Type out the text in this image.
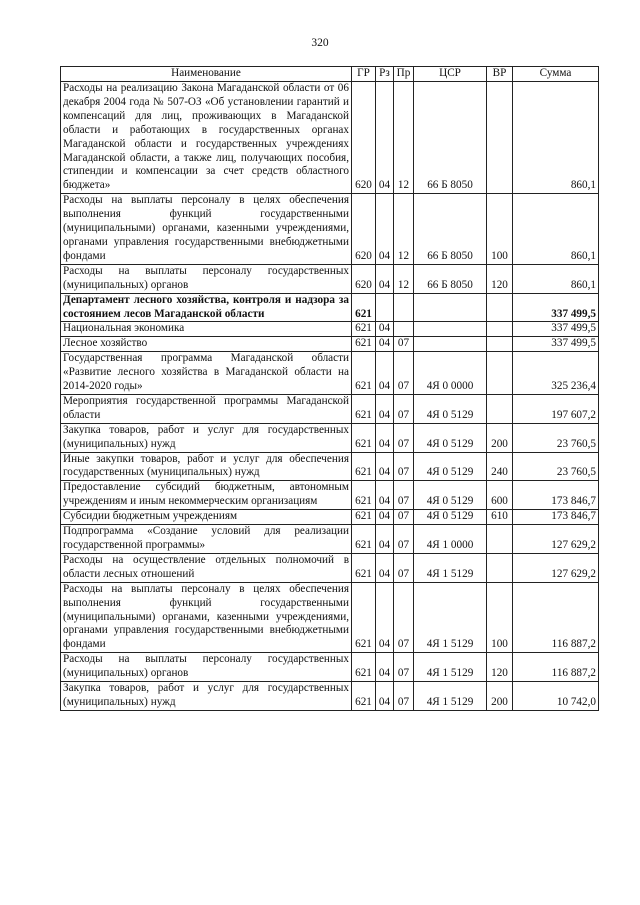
320
Наименование	ГР	Рз	Пр	ЦСР	ВР	Сумма
Расходы на реализацию Закона Магаданской области от 06 декабря 2004 года № 507-ОЗ «Об установлении гарантий и компенсаций для лиц, проживающих в Магаданской области и работающих в государственных органах Магаданской области и государственных учреждениях Магаданской области, а также лиц, получающих пособия, стипендии и компенсации за счет средств областного бюджета»	620	04	12	66 Б 8050		860,1
Расходы на выплаты персоналу в целях обеспечения выполнения функций государственными (муниципальными) органами, казенными учреждениями, органами управления государственными внебюджетными фондами	620	04	12	66 Б 8050	100	860,1
Расходы на выплаты персоналу государственных (муниципальных) органов	620	04	12	66 Б 8050	120	860,1
Департамент лесного хозяйства, контроля и надзора за состоянием лесов Магаданской области	621					337 499,5
Национальная экономика	621	04				337 499,5
Лесное хозяйство	621	04	07			337 499,5
Государственная программа Магаданской области «Развитие лесного хозяйства в Магаданской области на 2014-2020 годы»	621	04	07	4Я 0 0000		325 236,4
Мероприятия государственной программы Магаданской области	621	04	07	4Я 0 5129		197 607,2
Закупка товаров, работ и услуг для государственных (муниципальных) нужд	621	04	07	4Я 0 5129	200	23 760,5
Иные закупки товаров, работ и услуг для обеспечения государственных (муниципальных) нужд	621	04	07	4Я 0 5129	240	23 760,5
Предоставление субсидий бюджетным, автономным учреждениям и иным некоммерческим организациям	621	04	07	4Я 0 5129	600	173 846,7
Субсидии бюджетным учреждениям	621	04	07	4Я 0 5129	610	173 846,7
Подпрограмма «Создание условий для реализации государственной программы»	621	04	07	4Я 1 0000		127 629,2
Расходы на осуществление отдельных полномочий в области лесных отношений	621	04	07	4Я 1 5129		127 629,2
Расходы на выплаты персоналу в целях обеспечения выполнения функций государственными (муниципальными) органами, казенными учреждениями, органами управления государственными внебюджетными фондами	621	04	07	4Я 1 5129	100	116 887,2
Расходы на выплаты персоналу государственных (муниципальных) органов	621	04	07	4Я 1 5129	120	116 887,2
Закупка товаров, работ и услуг для государственных (муниципальных) нужд	621	04	07	4Я 1 5129	200	10 742,0
